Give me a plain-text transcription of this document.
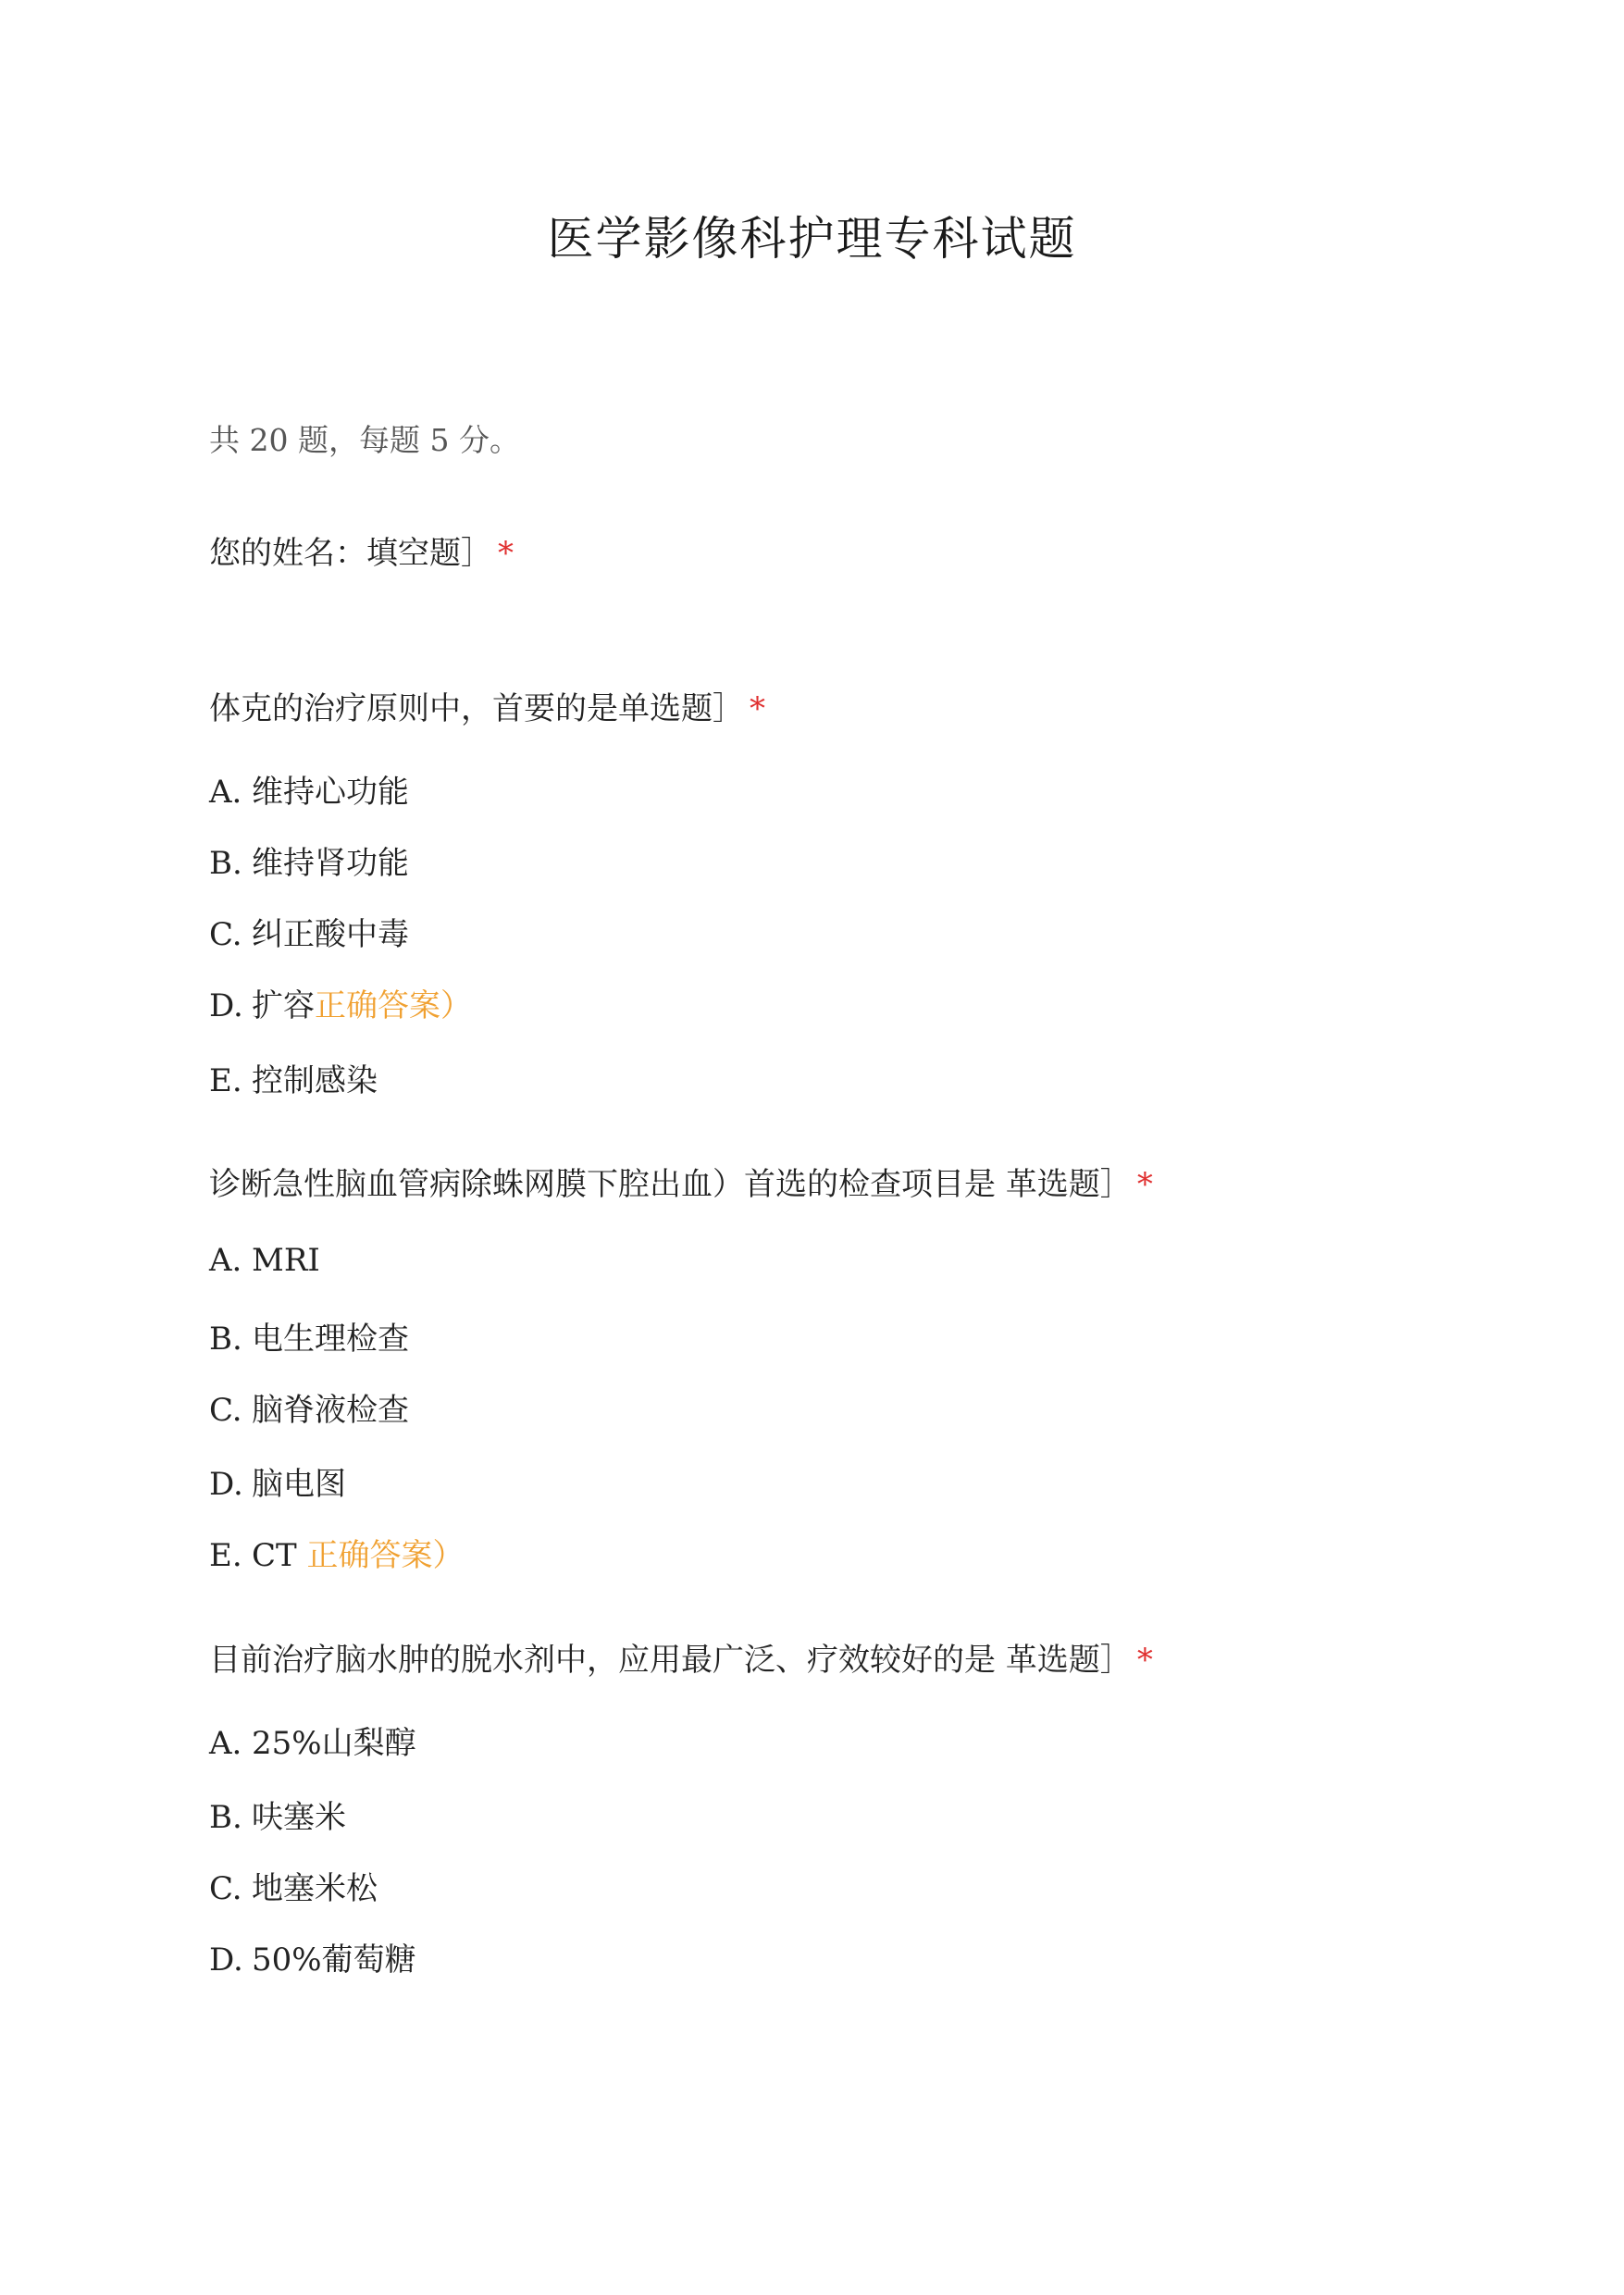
医学影像科护理专科试题
共 20 题，每题 5 分。
您的姓名：填空题］ *
体克的治疗原则中，首要的是单选题］ *
A. 维持心功能
B. 维持肾功能
C. 纠正酸中毒
D. 扩容正确答案）
E. 控制感染
诊断急性脑血管病除蛛网膜下腔出血）首选的检查项目是 革选题］ *
A. MRI
B. 电生理检查
C. 脑脊液检查
D. 脑电图
E. CT 正确答案）
目前治疗脑水肿的脱水剂中，应用最广泛、疗效较好的是 革选题］ *
A. 25%山梨醇
B. 呋塞米
C. 地塞米松
D. 50%葡萄糖
